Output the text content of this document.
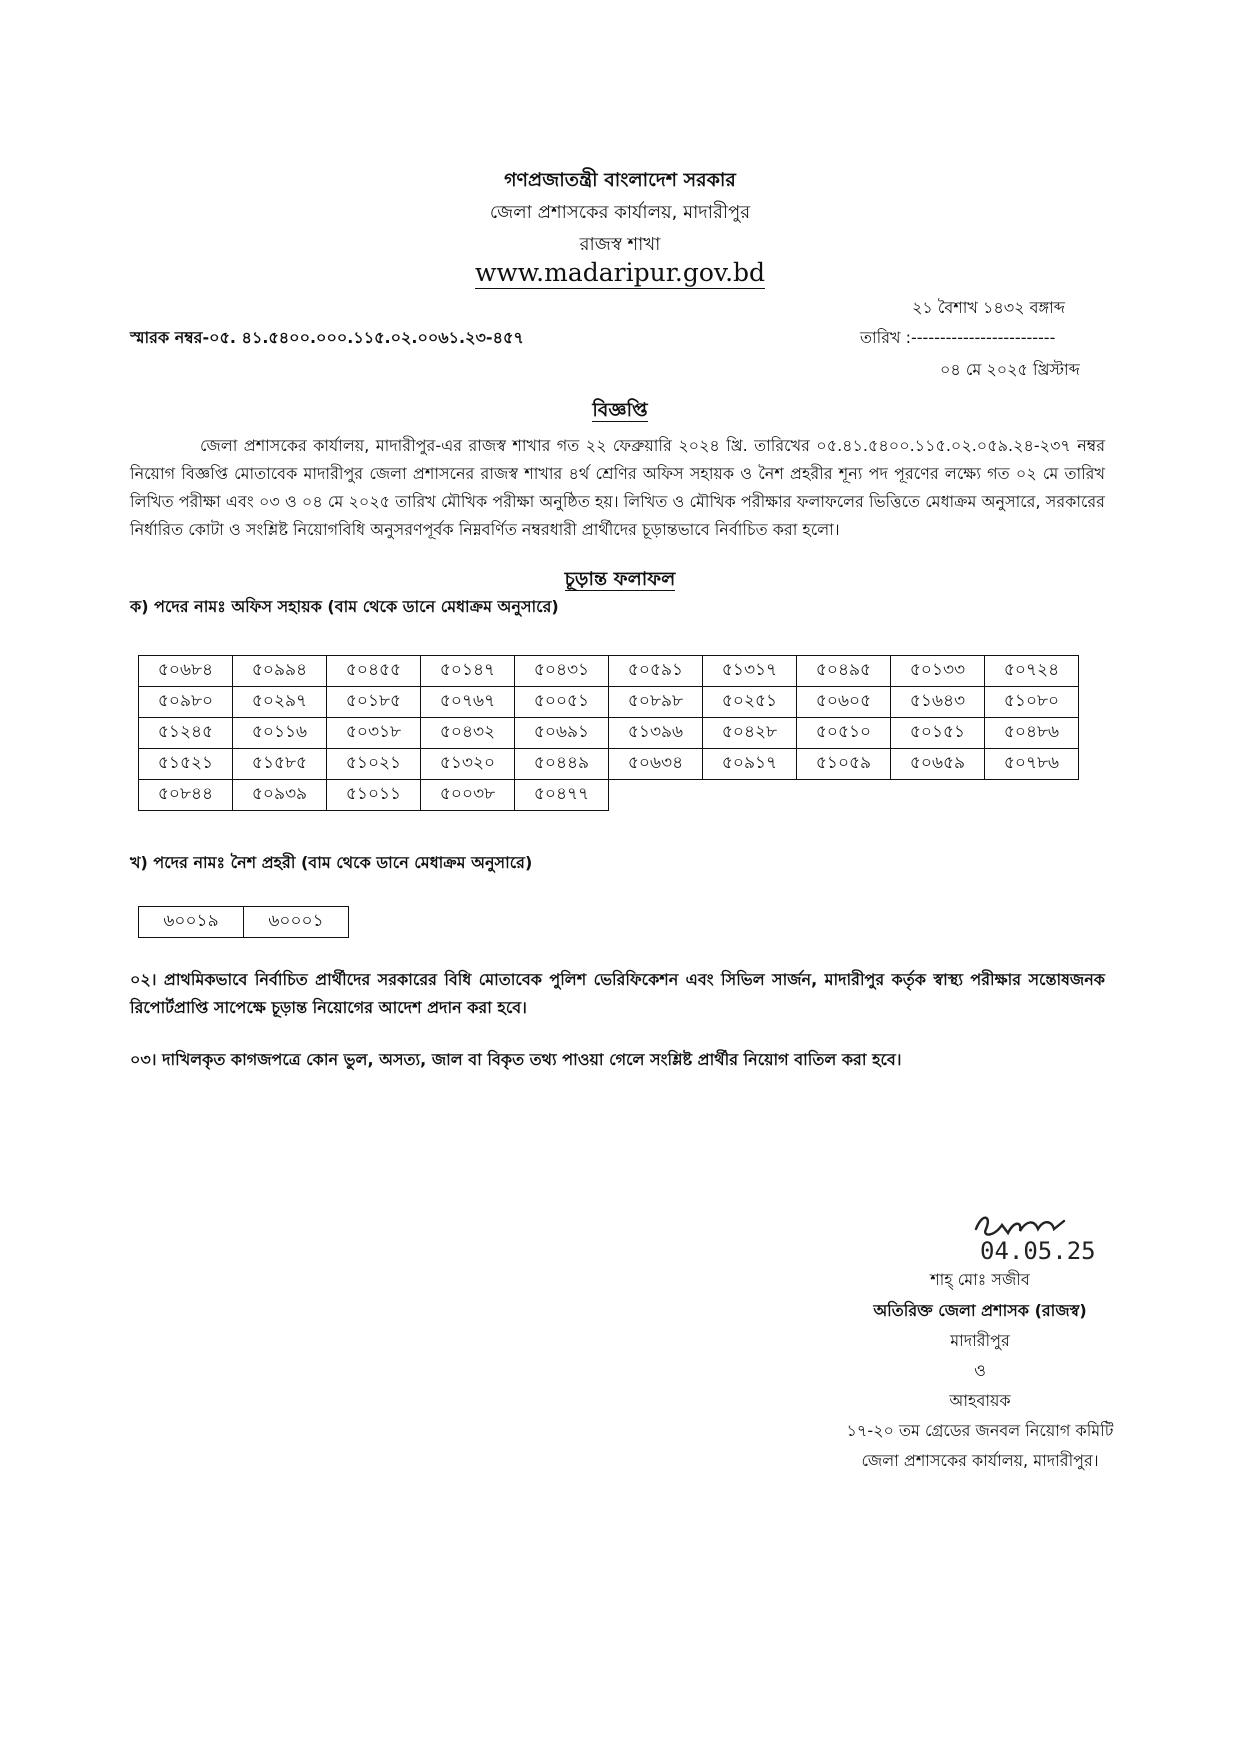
গণপ্রজাতন্ত্রী বাংলাদেশ সরকার
জেলা প্রশাসকের কার্যালয়, মাদারীপুর
রাজস্ব শাখা
www.madaripur.gov.bd
২১ বৈশাখ ১৪৩২ বঙ্গাব্দ
স্মারক নম্বর-০৫. ৪১.৫৪০০.০০০.১১৫.০২.০০৬১.২৩-৪৫৭	তারিখ :-------------------------
০৪ মে ২০২৫ খ্রিস্টাব্দ
বিজ্ঞপ্তি
জেলা প্রশাসকের কার্যালয়, মাদারীপুর-এর রাজস্ব শাখার গত ২২ ফেব্রুয়ারি ২০২৪ খ্রি. তারিখের ০৫.৪১.৫৪০০.১১৫.০২.০৫৯.২৪-২৩৭ নম্বর নিয়োগ বিজ্ঞপ্তি মোতাবেক মাদারীপুর জেলা প্রশাসনের রাজস্ব শাখার ৪র্থ শ্রেণির অফিস সহায়ক ও নৈশ প্রহরীর শূন্য পদ পূরণের লক্ষ্যে গত ০২ মে তারিখ লিখিত পরীক্ষা এবং ০৩ ও ০৪ মে ২০২৫ তারিখ মৌখিক পরীক্ষা অনুষ্ঠিত হয়। লিখিত ও মৌখিক পরীক্ষার ফলাফলের ভিত্তিতে মেধাক্রম অনুসারে, সরকারের নির্ধারিত কোটা ও সংশ্লিষ্ট নিয়োগবিধি অনুসরণপূর্বক নিম্নবর্ণিত নম্বরধারী প্রার্থীদের চূড়ান্তভাবে নির্বাচিত করা হলো।
চূড়ান্ত ফলাফল
ক) পদের নামঃ অফিস সহায়ক (বাম থেকে ডানে মেধাক্রম অনুসারে)
৫০৬৮৪	৫০৯৯৪	৫০৪৫৫	৫০১৪৭	৫০৪৩১	৫০৫৯১	৫১৩১৭	৫০৪৯৫	৫০১৩৩	৫০৭২৪
৫০৯৮০	৫০২৯৭	৫০১৮৫	৫০৭৬৭	৫০০৫১	৫০৮৯৮	৫০২৫১	৫০৬০৫	৫১৬৪৩	৫১০৮০
৫১২৪৫	৫০১১৬	৫০৩১৮	৫০৪৩২	৫০৬৯১	৫১৩৯৬	৫০৪২৮	৫০৫১০	৫০১৫১	৫০৪৮৬
৫১৫২১	৫১৫৮৫	৫১০২১	৫১৩২০	৫০৪৪৯	৫০৬৩৪	৫০৯১৭	৫১০৫৯	৫০৬৫৯	৫০৭৮৬
৫০৮৪৪	৫০৯৩৯	৫১০১১	৫০০৩৮	৫০৪৭৭					
খ) পদের নামঃ নৈশ প্রহরী (বাম থেকে ডানে মেধাক্রম অনুসারে)
৬০০১৯	৬০০০১
০২। প্রাথমিকভাবে নির্বাচিত প্রার্থীদের সরকারের বিধি মোতাবেক পুলিশ ভেরিফিকেশন এবং সিভিল সার্জন, মাদারীপুর কর্তৃক স্বাস্থ্য পরীক্ষার সন্তোষজনক রিপোর্টপ্রাপ্তি সাপেক্ষে চূড়ান্ত নিয়োগের আদেশ প্রদান করা হবে।
০৩। দাখিলকৃত কাগজপত্রে কোন ভুল, অসত্য, জাল বা বিকৃত তথ্য পাওয়া গেলে সংশ্লিষ্ট প্রার্থীর নিয়োগ বাতিল করা হবে।
04.05.25
শাহ্ মোঃ সজীব
অতিরিক্ত জেলা প্রশাসক (রাজস্ব)
মাদারীপুর
ও
আহবায়ক
১৭-২০ তম গ্রেডের জনবল নিয়োগ কমিটি
জেলা প্রশাসকের কার্যালয়, মাদারীপুর।
